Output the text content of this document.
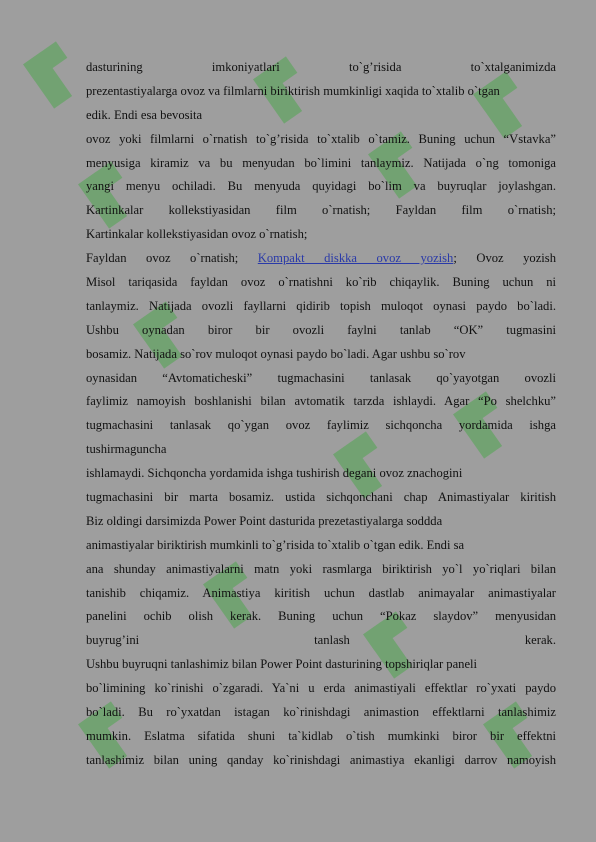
dasturining imkoniyatlari to`g’risida to`xtalganimizda
prezentastiyalarga ovoz va filmlarni biriktirish mumkinligi xaqida to`xtalib o`tgan
edik. Endi esa bevosita
ovoz yoki filmlarni o`rnatish to`g’risida to`xtalib o`tamiz. Buning uchun “Vstavka”
menyusiga kiramiz va bu menyudan bo`limini tanlaymiz. Natijada o`ng tomoniga
yangi menyu ochiladi. Bu menyuda quyidagi bo`lim va buyruqlar joylashgan.
Kartinkalar kollekstiyasidan film o`rnatish; Fayldan film o`rnatish;
Kartinkalar kollekstiyasidan ovoz o`rnatish;
Fayldan ovoz o`rnatish; Kompakt diskka ovoz yozish; Ovoz yozish
Misol tariqasida fayldan ovoz o`rnatishni ko`rib chiqaylik. Buning uchun ni
tanlaymiz. Natijada ovozli fayllarni qidirib topish muloqot oynasi paydo bo`ladi.
Ushbu oynadan biror bir ovozli faylni tanlab “OK” tugmasini
bosamiz. Natijada so`rov muloqot oynasi paydo bo`ladi. Agar ushbu so`rov
oynasidan “Avtomaticheski” tugmachasini tanlasak qo`yayotgan ovozli
faylimiz namoyish boshlanishi bilan avtomatik tarzda ishlaydi. Agar “Po shelchku”
tugmachasini tanlasak qo`ygan ovoz faylimiz sichqoncha yordamida ishga
tushirmaguncha
ishlamaydi. Sichqoncha yordamida ishga tushirish degani ovoz znachogini
tugmachasini bir marta bosamiz. ustida sichqonchani chap Animastiyalar kiritish
Biz oldingi darsimizda Power Point dasturida prezetastiyalarga soddda
animastiyalar biriktirish mumkinli to`g’risida to`xtalib o`tgan edik. Endi sa
ana shunday animastiyalarni matn yoki rasmlarga biriktirish yo`l yo`riqlari bilan
tanishib chiqamiz. Animastiya kiritish uchun dastlab animayalar animastiyalar
panelini ochib olish kerak. Buning uchun “Pokaz slaydov” menyusidan
buyrug’ini tanlash kerak.
Ushbu buyruqni tanlashimiz bilan Power Point dasturining topshiriqlar paneli
bo`limining ko`rinishi o`zgaradi. Ya`ni u erda animastiyali effektlar ro`yxati paydo
bo`ladi. Bu ro`yxatdan istagan ko`rinishdagi animastion effektlarni tanlashimiz
mumkin. Eslatma sifatida shuni ta`kidlab o`tish mumkinki biror bir effektni
tanlashimiz bilan uning qanday ko`rinishdagi animastiya ekanligi darrov namoyish
